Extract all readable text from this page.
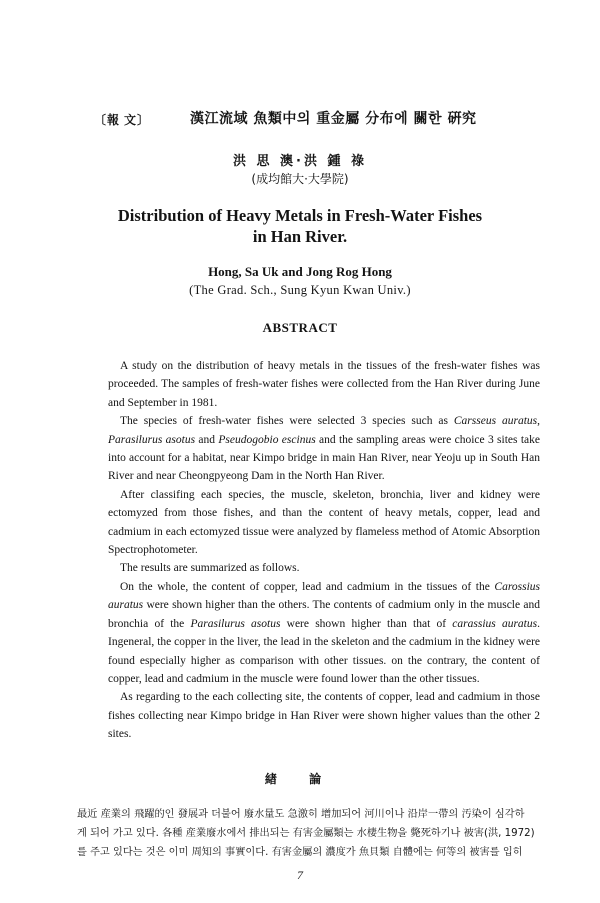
〔報 文〕	漢江流域 魚類中의 重金屬 分布에 關한 硏究
洪 思 澳·洪 鍾 祿
(成均館大·大學院)
Distribution of Heavy Metals in Fresh-Water Fishes
in Han River.
Hong, Sa Uk and Jong Rog Hong
(The Grad. Sch., Sung Kyun Kwan Univ.)
ABSTRACT

A study on the distribution of heavy metals in the tissues of the fresh-water fishes was proceeded. The samples of fresh-water fishes were collected from the Han River during June and September in 1981.

The species of fresh-water fishes were selected 3 species such as Carsseus auratus, Parasilurus asotus and Pseudogobio escinus and the sampling areas were choice 3 sites take into account for a habitat, near Kimpo bridge in main Han River, near Yeoju up in South Han River and near Cheongpyeong Dam in the North Han River.

After classifing each species, the muscle, skeleton, bronchia, liver and kidney were ectomyzed from those fishes, and than the content of heavy metals, copper, lead and cadmium in each ectomyzed tissue were analyzed by flameless method of Atomic Absorption Spectrophotometer.

The results are summarized as follows.

On the whole, the content of copper, lead and cadmium in the tissues of the Carossius auratus were shown higher than the others. The contents of cadmium only in the muscle and bronchia of the Parasilurus asotus were shown higher than that of carassius auratus. Ingeneral, the copper in the liver, the lead in the skeleton and the cadmium in the kidney were found especially higher as comparison with other tissues. on the contrary, the content of copper, lead and cadmium in the muscle were found lower than the other tissues.

As regarding to the each collecting site, the contents of copper, lead and cadmium in those fishes collecting near Kimpo bridge in Han River were shown higher values than the other 2 sites.

緖 論
最近 産業의 飛躍的인 發展과 더불어 廢水量도 急激히 增加되어 河川이나 沿岸一帶의 汚染이 심각하
게 되어 가고 있다. 各種 産業廢水에서 排出되는 有害金屬類는 水棲生物을 斃死하기나 被害(洪, 1972)
를 주고 있다는 것은 이미 周知의 事實이다. 有害金屬의 濃度가 魚貝類 自體에는 何等의 被害를 입히
7
